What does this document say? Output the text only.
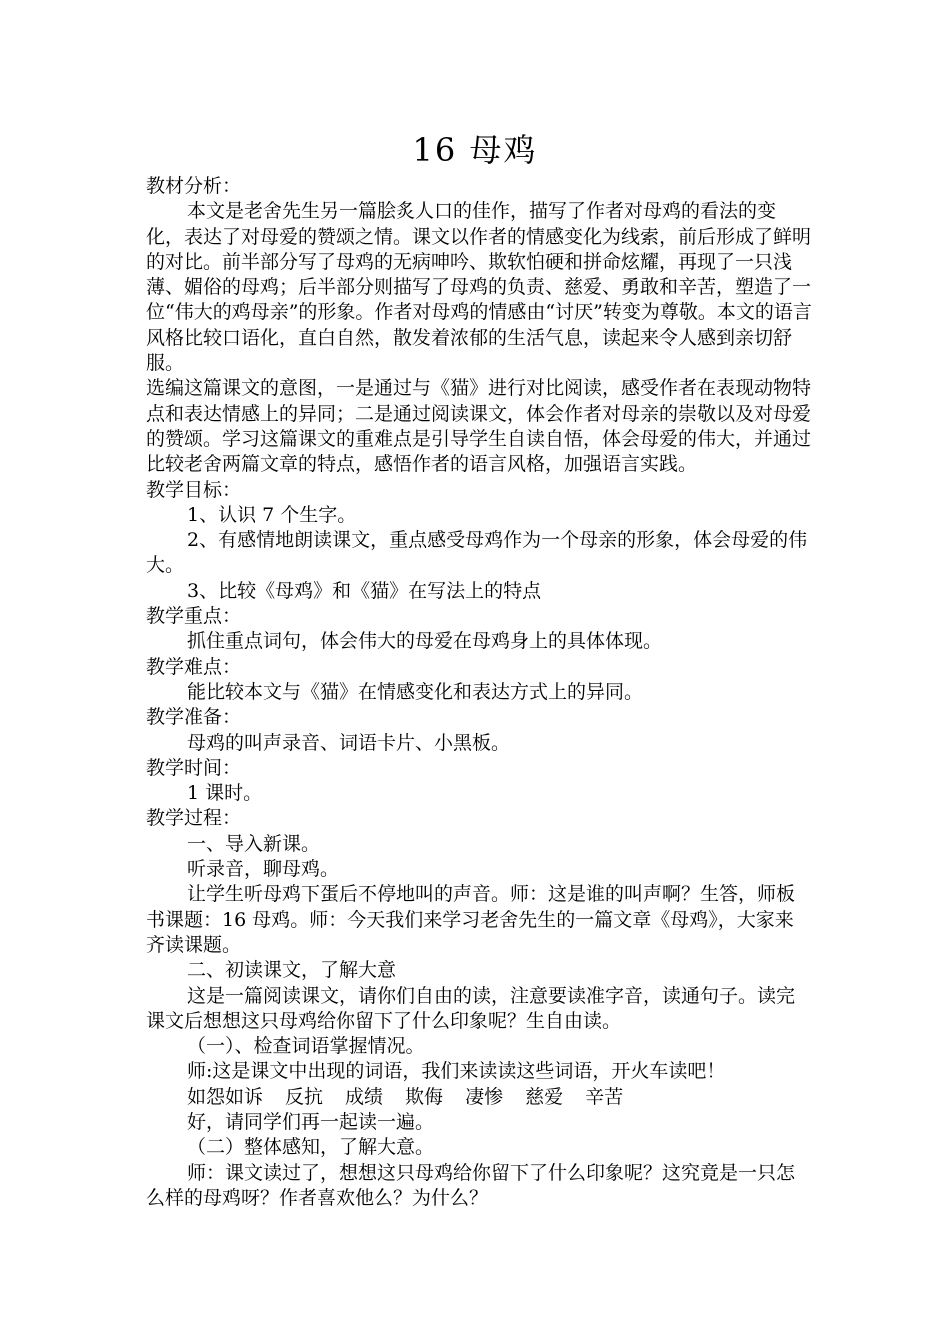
16 母鸡

教材分析：

本文是老舍先生另一篇脍炙人口的佳作，描写了作者对母鸡的看法的变化，表达了对母爱的赞颂之情。课文以作者的情感变化为线索，前后形成了鲜明的对比。前半部分写了母鸡的无病呻吟、欺软怕硬和拼命炫耀，再现了一只浅薄、媚俗的母鸡；后半部分则描写了母鸡的负责、慈爱、勇敢和辛苦，塑造了一位“伟大的鸡母亲”的形象。作者对母鸡的情感由“讨厌”转变为尊敬。本文的语言风格比较口语化，直白自然，散发着浓郁的生活气息，读起来令人感到亲切舒服。

选编这篇课文的意图，一是通过与《猫》进行对比阅读，感受作者在表现动物特点和表达情感上的异同；二是通过阅读课文，体会作者对母亲的崇敬以及对母爱的赞颂。学习这篇课文的重难点是引导学生自读自悟，体会母爱的伟大，并通过比较老舍两篇文章的特点，感悟作者的语言风格，加强语言实践。

教学目标：

1、认识 7 个生字。

2、有感情地朗读课文，重点感受母鸡作为一个母亲的形象，体会母爱的伟大。

3、比较《母鸡》和《猫》在写法上的特点

教学重点：

抓住重点词句，体会伟大的母爱在母鸡身上的具体体现。

教学难点：

能比较本文与《猫》在情感变化和表达方式上的异同。

教学准备：

母鸡的叫声录音、词语卡片、小黑板。

教学时间：

1 课时。

教学过程：

一、导入新课。

听录音，聊母鸡。

让学生听母鸡下蛋后不停地叫的声音。师：这是谁的叫声啊？生答，师板书课题：16 母鸡。师：今天我们来学习老舍先生的一篇文章《母鸡》，大家来齐读课题。

二、初读课文，了解大意

这是一篇阅读课文，请你们自由的读，注意要读准字音，读通句子。读完课文后想想这只母鸡给你留下了什么印象呢？生自由读。

（一）、检查词语掌握情况。

师:这是课文中出现的词语，我们来读读这些词语，开火车读吧！

如怨如诉 反抗 成绩 欺侮 凄惨 慈爱 辛苦

好，请同学们再一起读一遍。

（二）整体感知，了解大意。

师：课文读过了，想想这只母鸡给你留下了什么印象呢？这究竟是一只怎么样的母鸡呀？作者喜欢他么？为什么？
